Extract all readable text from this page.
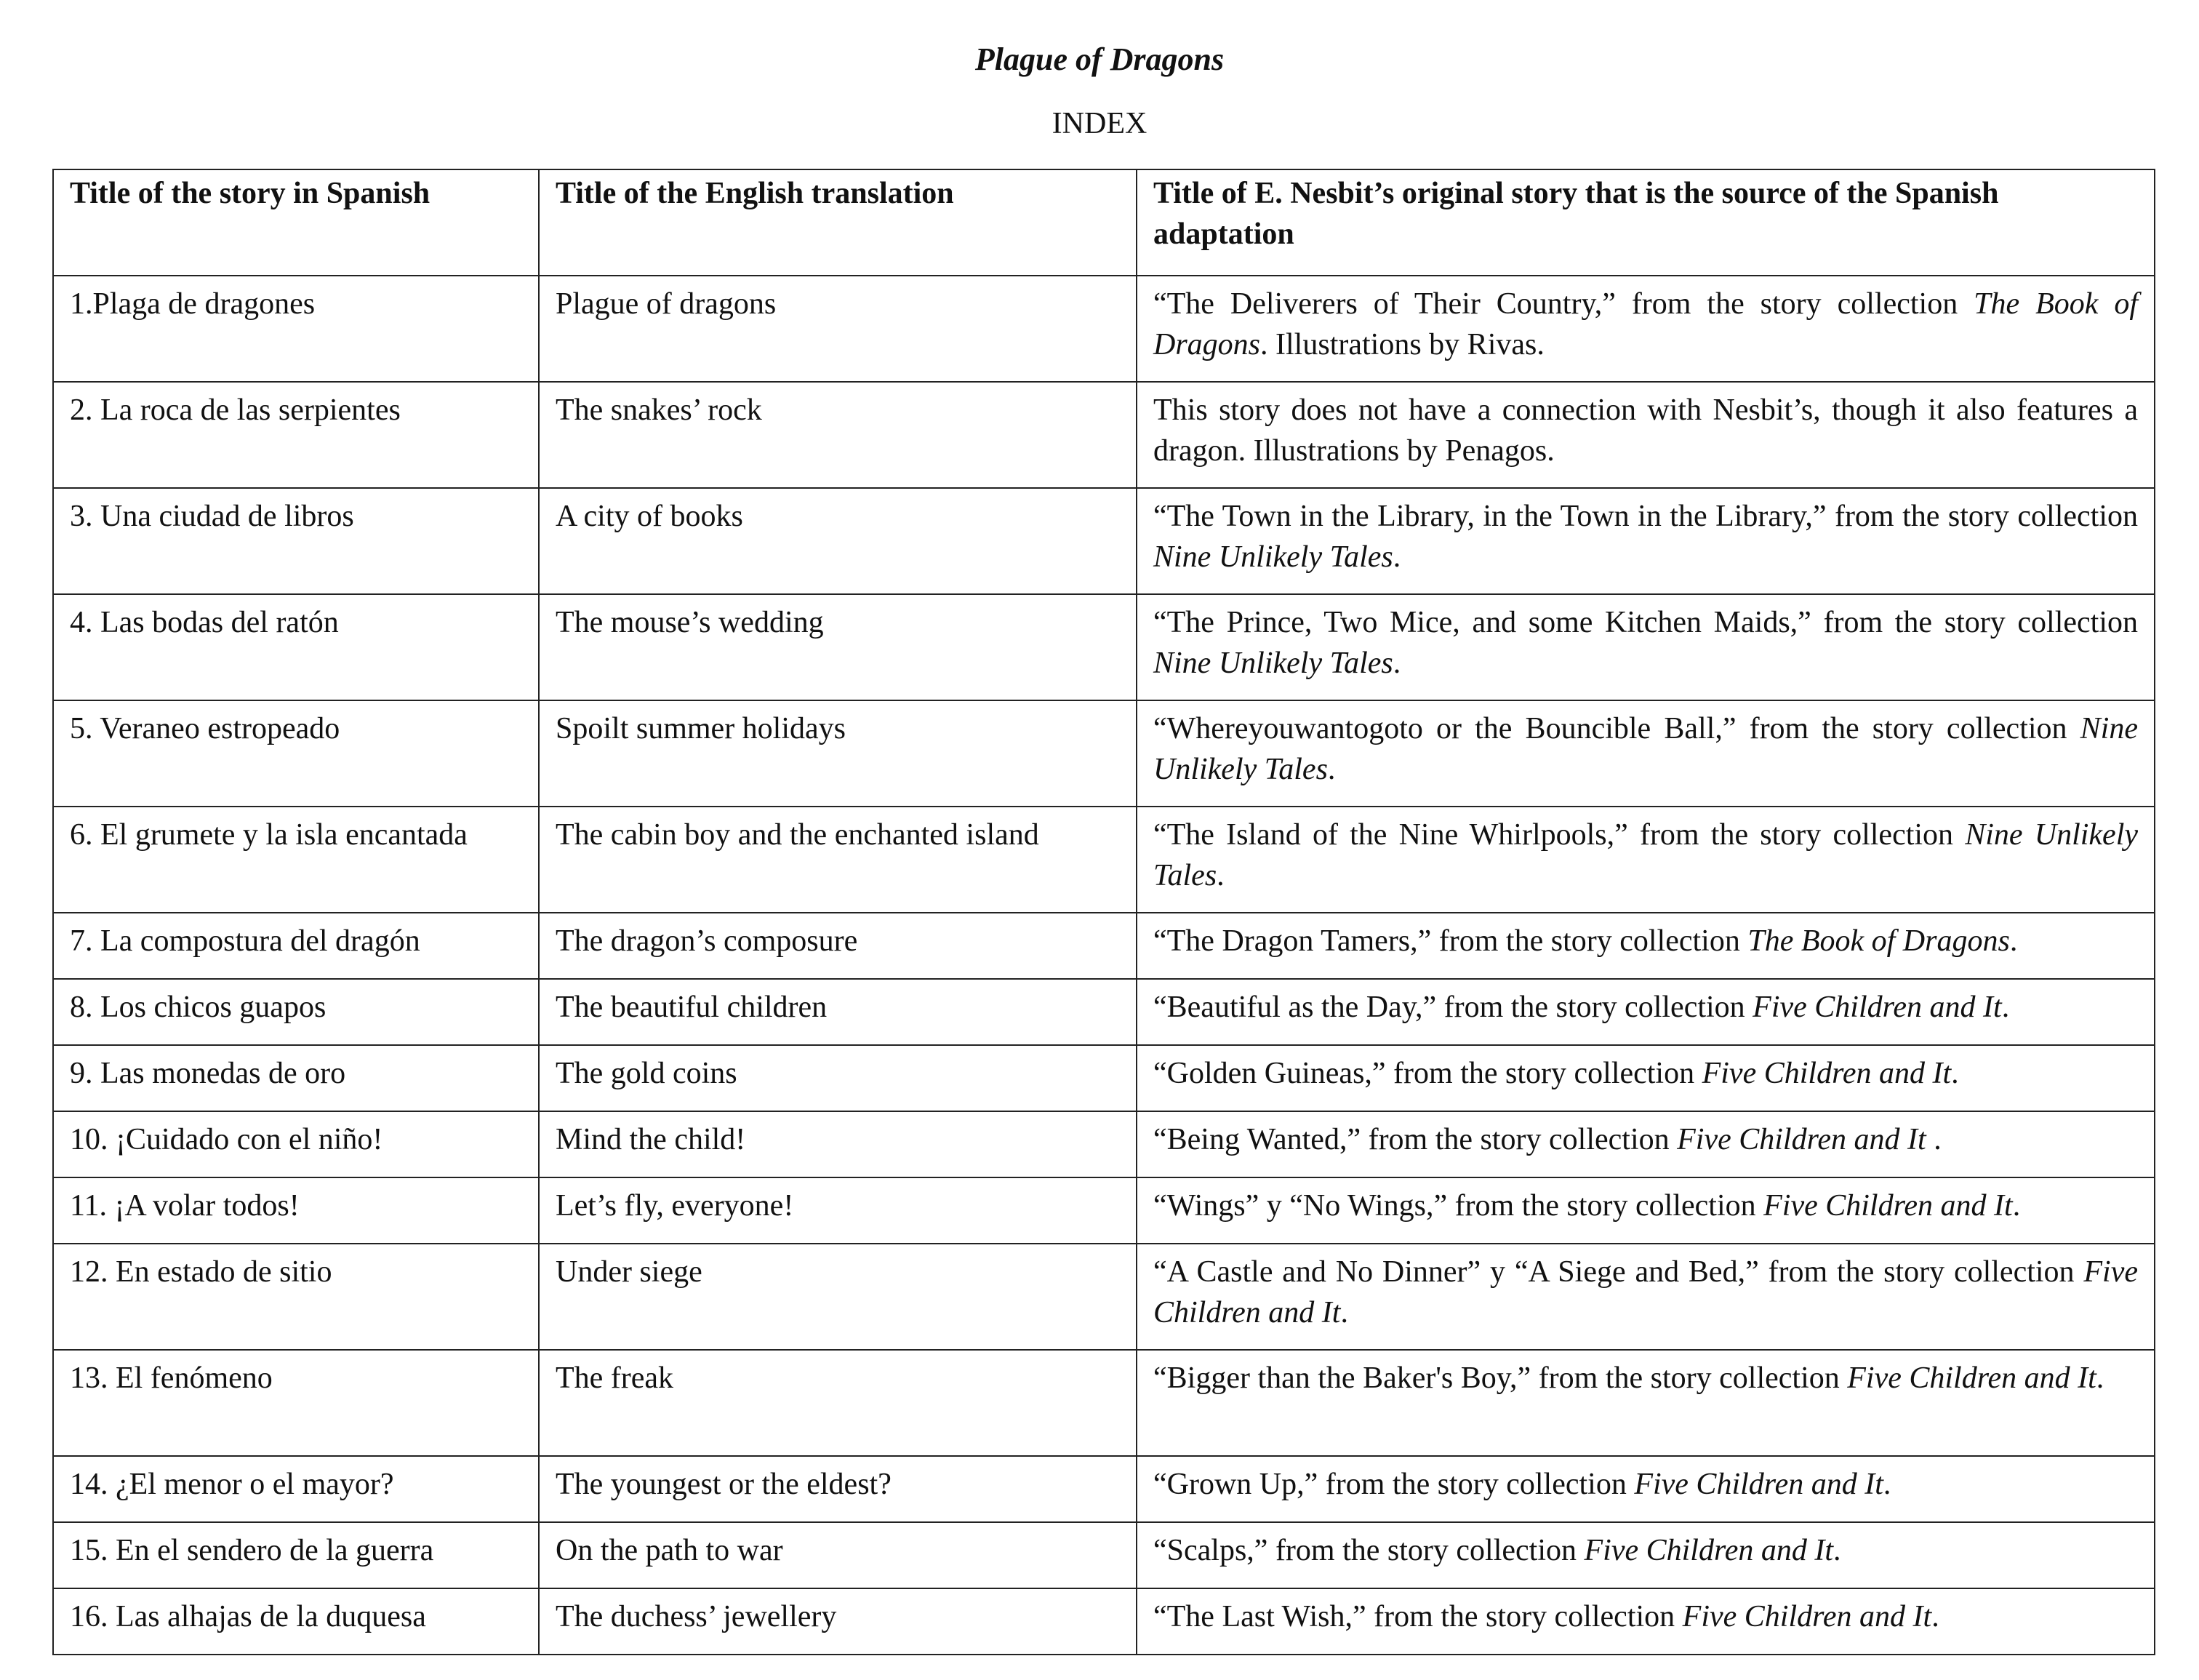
Plague of Dragons
INDEX
Title of the story in Spanish	Title of the English translation	Title of E. Nesbit’s original story that is the source of the Spanish adaptation
1.Plaga de dragones	Plague of dragons	“The Deliverers of Their Country,” from the story collection The Book of Dragons. Illustrations by Rivas.
2. La roca de las serpientes	The snakes’ rock	This story does not have a connection with Nesbit’s, though it also features a dragon. Illustrations by Penagos.
3. Una ciudad de libros	A city of books	“The Town in the Library, in the Town in the Library,” from the story collection Nine Unlikely Tales.
4. Las bodas del ratón	The mouse’s wedding	“The Prince, Two Mice, and some Kitchen Maids,” from the story collection Nine Unlikely Tales.
5. Veraneo estropeado	Spoilt summer holidays	“Whereyouwantogoto or the Bouncible Ball,” from the story collection Nine Unlikely Tales.
6. El grumete y la isla encantada	The cabin boy and the enchanted island	“The Island of the Nine Whirlpools,” from the story collection Nine Unlikely Tales.
7. La compostura del dragón	The dragon’s composure	“The Dragon Tamers,” from the story collection The Book of Dragons.
8. Los chicos guapos	The beautiful children	“Beautiful as the Day,” from the story collection Five Children and It.
9. Las monedas de oro	The gold coins	“Golden Guineas,” from the story collection Five Children and It.
10. ¡Cuidado con el niño!	Mind the child!	“Being Wanted,” from the story collection Five Children and It .
11. ¡A volar todos!	Let’s fly, everyone!	“Wings” y “No Wings,” from the story collection Five Children and It.
12. En estado de sitio	Under siege	“A Castle and No Dinner” y “A Siege and Bed,” from the story collection Five Children and It.
13. El fenómeno	The freak	“Bigger than the Baker's Boy,” from the story collection Five Children and It.
14. ¿El menor o el mayor?	The youngest or the eldest?	“Grown Up,” from the story collection Five Children and It.
15. En el sendero de la guerra	On the path to war	“Scalps,” from the story collection Five Children and It.
16. Las alhajas de la duquesa	The duchess’ jewellery	“The Last Wish,” from the story collection Five Children and It.
